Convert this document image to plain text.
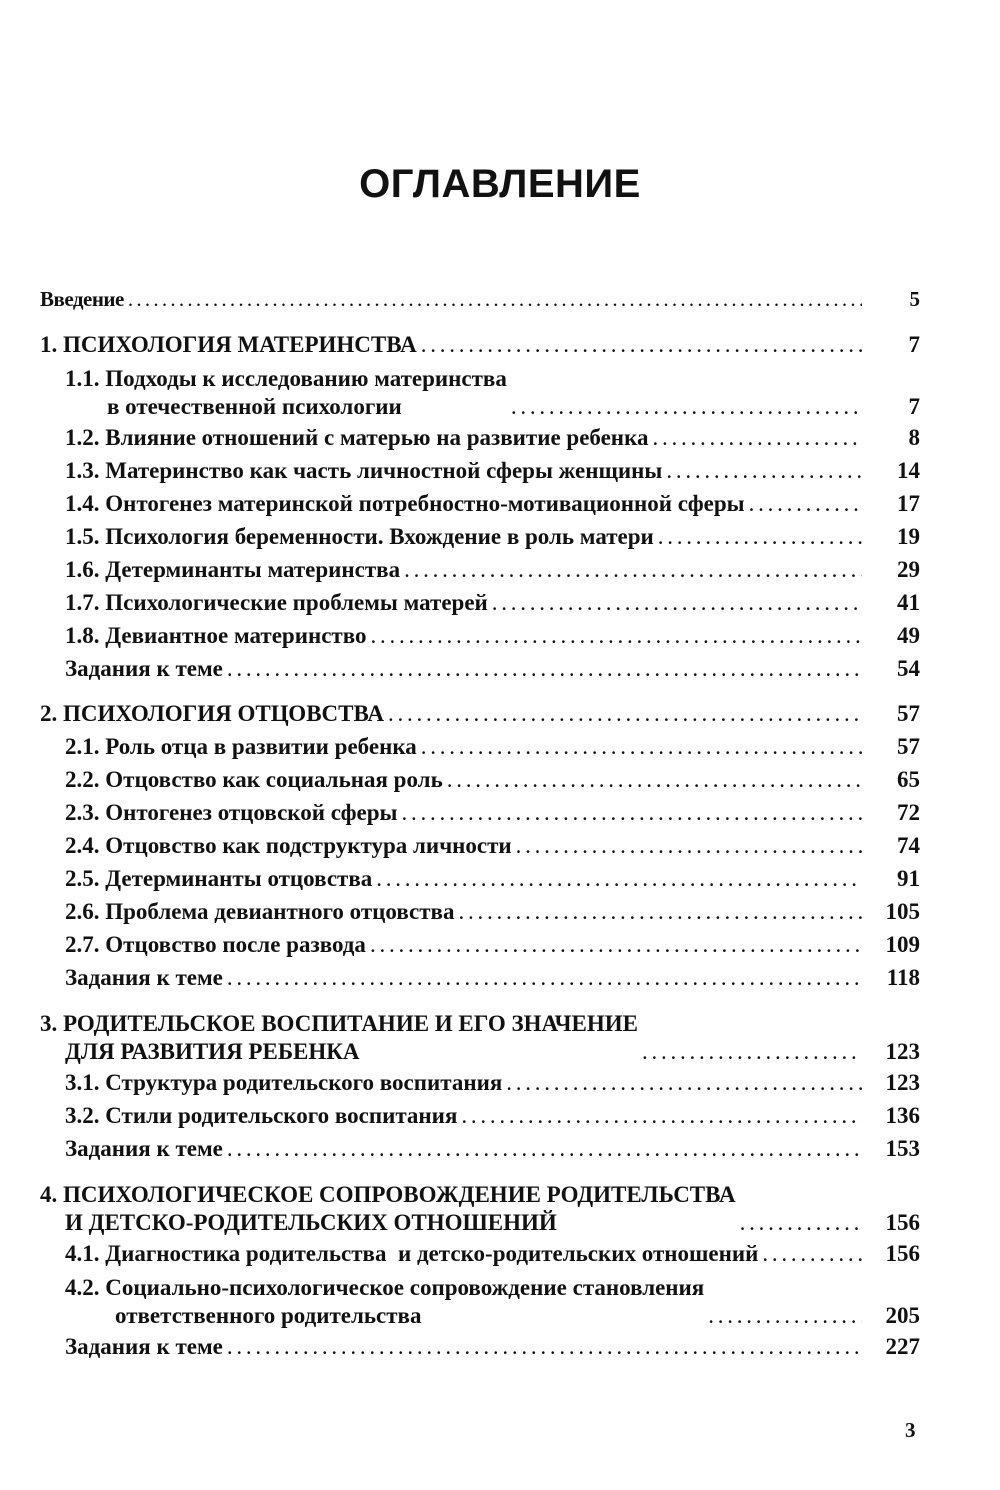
ОГЛАВЛЕНИЕ
Введение . . .	5
1. ПСИХОЛОГИЯ МАТЕРИНСТВА . . .	7
1.1. Подходы к исследованию материнства
в отечественной психологии . . .	7
1.2. Влияние отношений с матерью на развитие ребенка . . .	8
1.3. Материнство как часть личностной сферы женщины . . .	14
1.4. Онтогенез материнской потребностно-мотивационной сферы . . .	17
1.5. Психология беременности. Вхождение в роль матери . . .	19
1.6. Детерминанты материнства . . .	29
1.7. Психологические проблемы матерей . . .	41
1.8. Девиантное материнство . . .	49
Задания к теме . . .	54
2. ПСИХОЛОГИЯ ОТЦОВСТВА . . .	57
2.1. Роль отца в развитии ребенка . . .	57
2.2. Отцовство как социальная роль . . .	65
2.3. Онтогенез отцовской сферы . . .	72
2.4. Отцовство как подструктура личности . . .	74
2.5. Детерминанты отцовства . . .	91
2.6. Проблема девиантного отцовства . . .	105
2.7. Отцовство после развода . . .	109
Задания к теме . . .	118
3. РОДИТЕЛЬСКОЕ ВОСПИТАНИЕ И ЕГО ЗНАЧЕНИЕ
ДЛЯ РАЗВИТИЯ РЕБЕНКА . . .	123
3.1. Структура родительского воспитания . . .	123
3.2. Стили родительского воспитания . . .	136
Задания к теме . . .	153
4. ПСИХОЛОГИЧЕСКОЕ СОПРОВОЖДЕНИЕ РОДИТЕЛЬСТВА
И ДЕТСКО-РОДИТЕЛЬСКИХ ОТНОШЕНИЙ . . .	156
4.1. Диагностика родительства  и детско-родительских отношений . . .	156
4.2. Социально-психологическое сопровождение становления
ответственного родительства . . .	205
Задания к теме . . .	227
3
